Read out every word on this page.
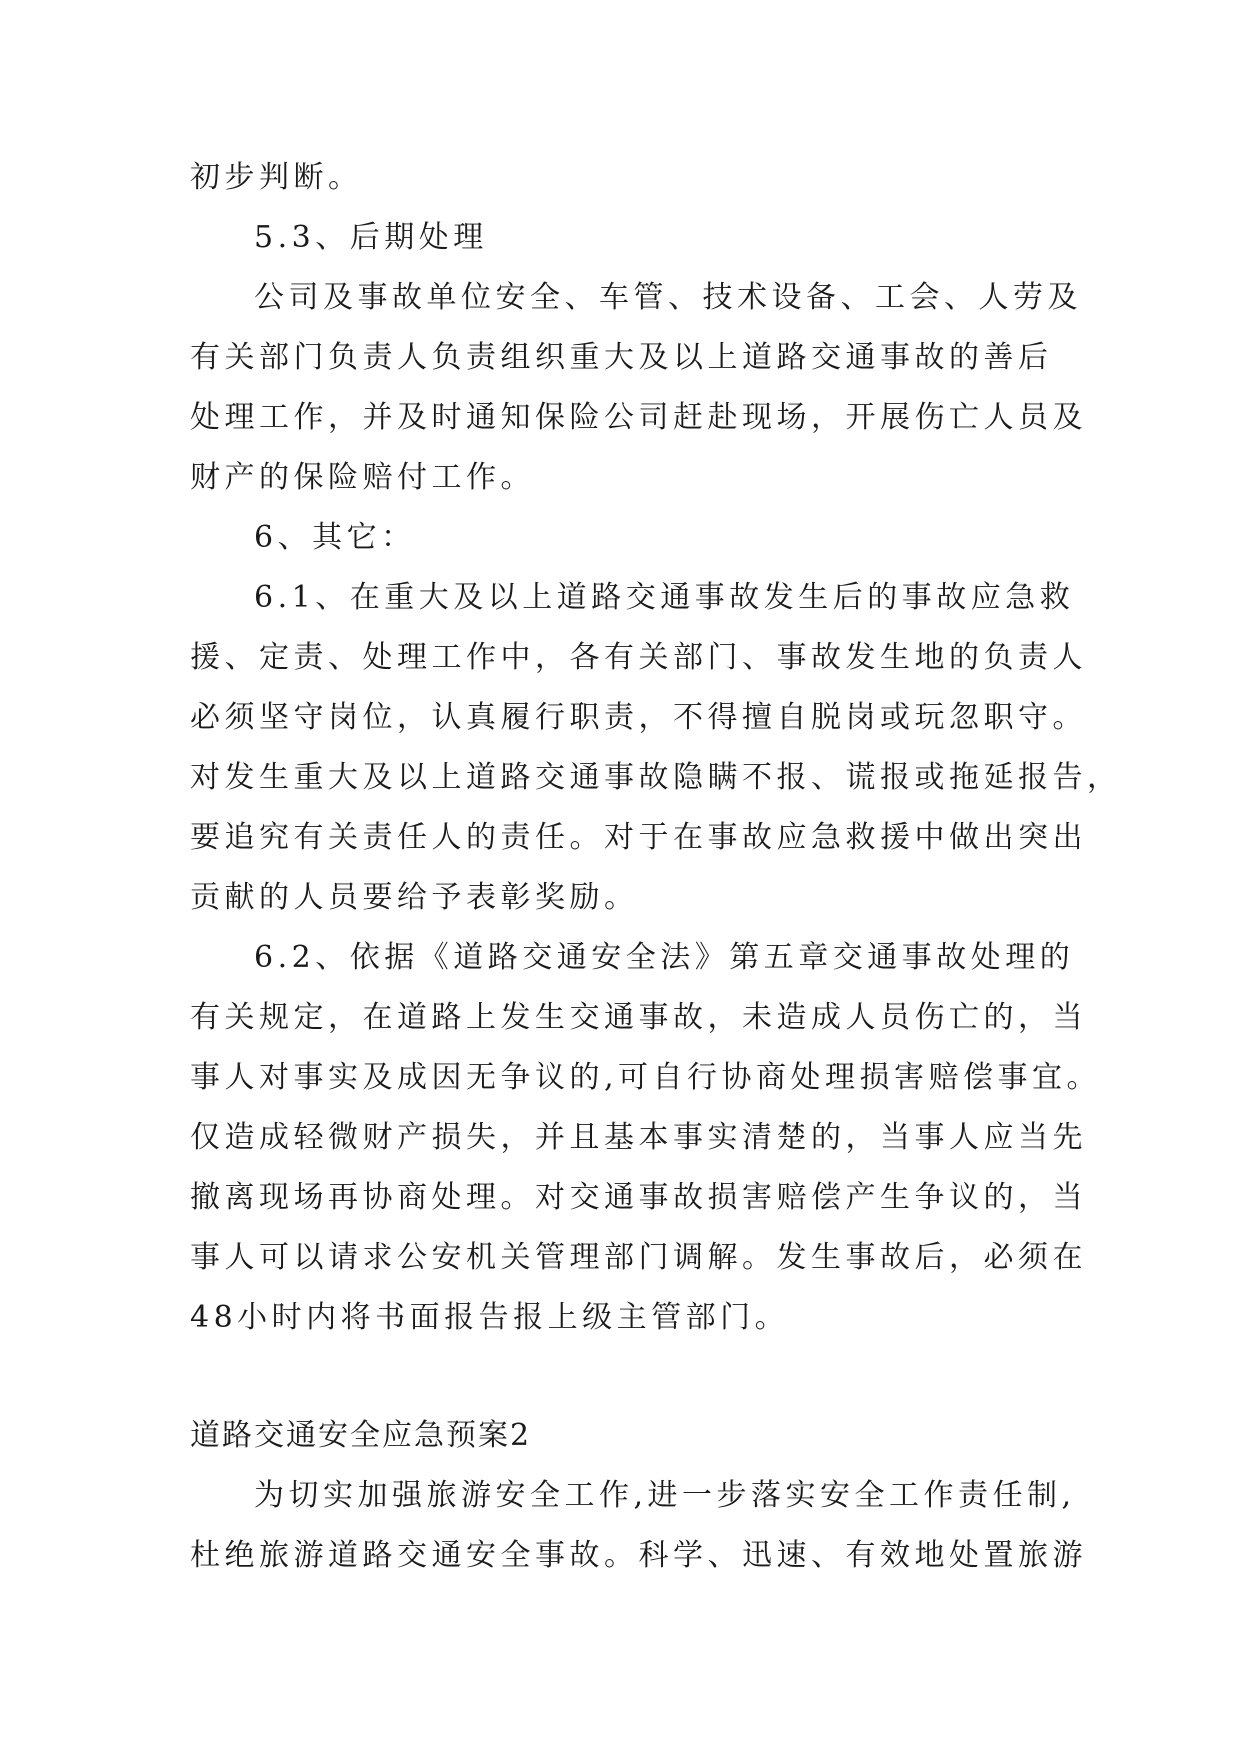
初步判断。
5.3、后期处理
公司及事故单位安全、车管、技术设备、工会、人劳及
有关部门负责人负责组织重大及以上道路交通事故的善后
处理工作，并及时通知保险公司赶赴现场，开展伤亡人员及
财产的保险赔付工作。
6、其它：
6.1、在重大及以上道路交通事故发生后的事故应急救
援、定责、处理工作中，各有关部门、事故发生地的负责人
必须坚守岗位，认真履行职责，不得擅自脱岗或玩忽职守。
对发生重大及以上道路交通事故隐瞒不报、谎报或拖延报告，
要追究有关责任人的责任。对于在事故应急救援中做出突出
贡献的人员要给予表彰奖励。
6.2、依据《道路交通安全法》第五章交通事故处理的
有关规定，在道路上发生交通事故，未造成人员伤亡的，当
事人对事实及成因无争议的,可自行协商处理损害赔偿事宜。
仅造成轻微财产损失，并且基本事实清楚的，当事人应当先
撤离现场再协商处理。对交通事故损害赔偿产生争议的，当
事人可以请求公安机关管理部门调解。发生事故后，必须在
48小时内将书面报告报上级主管部门。
道路交通安全应急预案2
为切实加强旅游安全工作,进一步落实安全工作责任制,
杜绝旅游道路交通安全事故。科学、迅速、有效地处置旅游
